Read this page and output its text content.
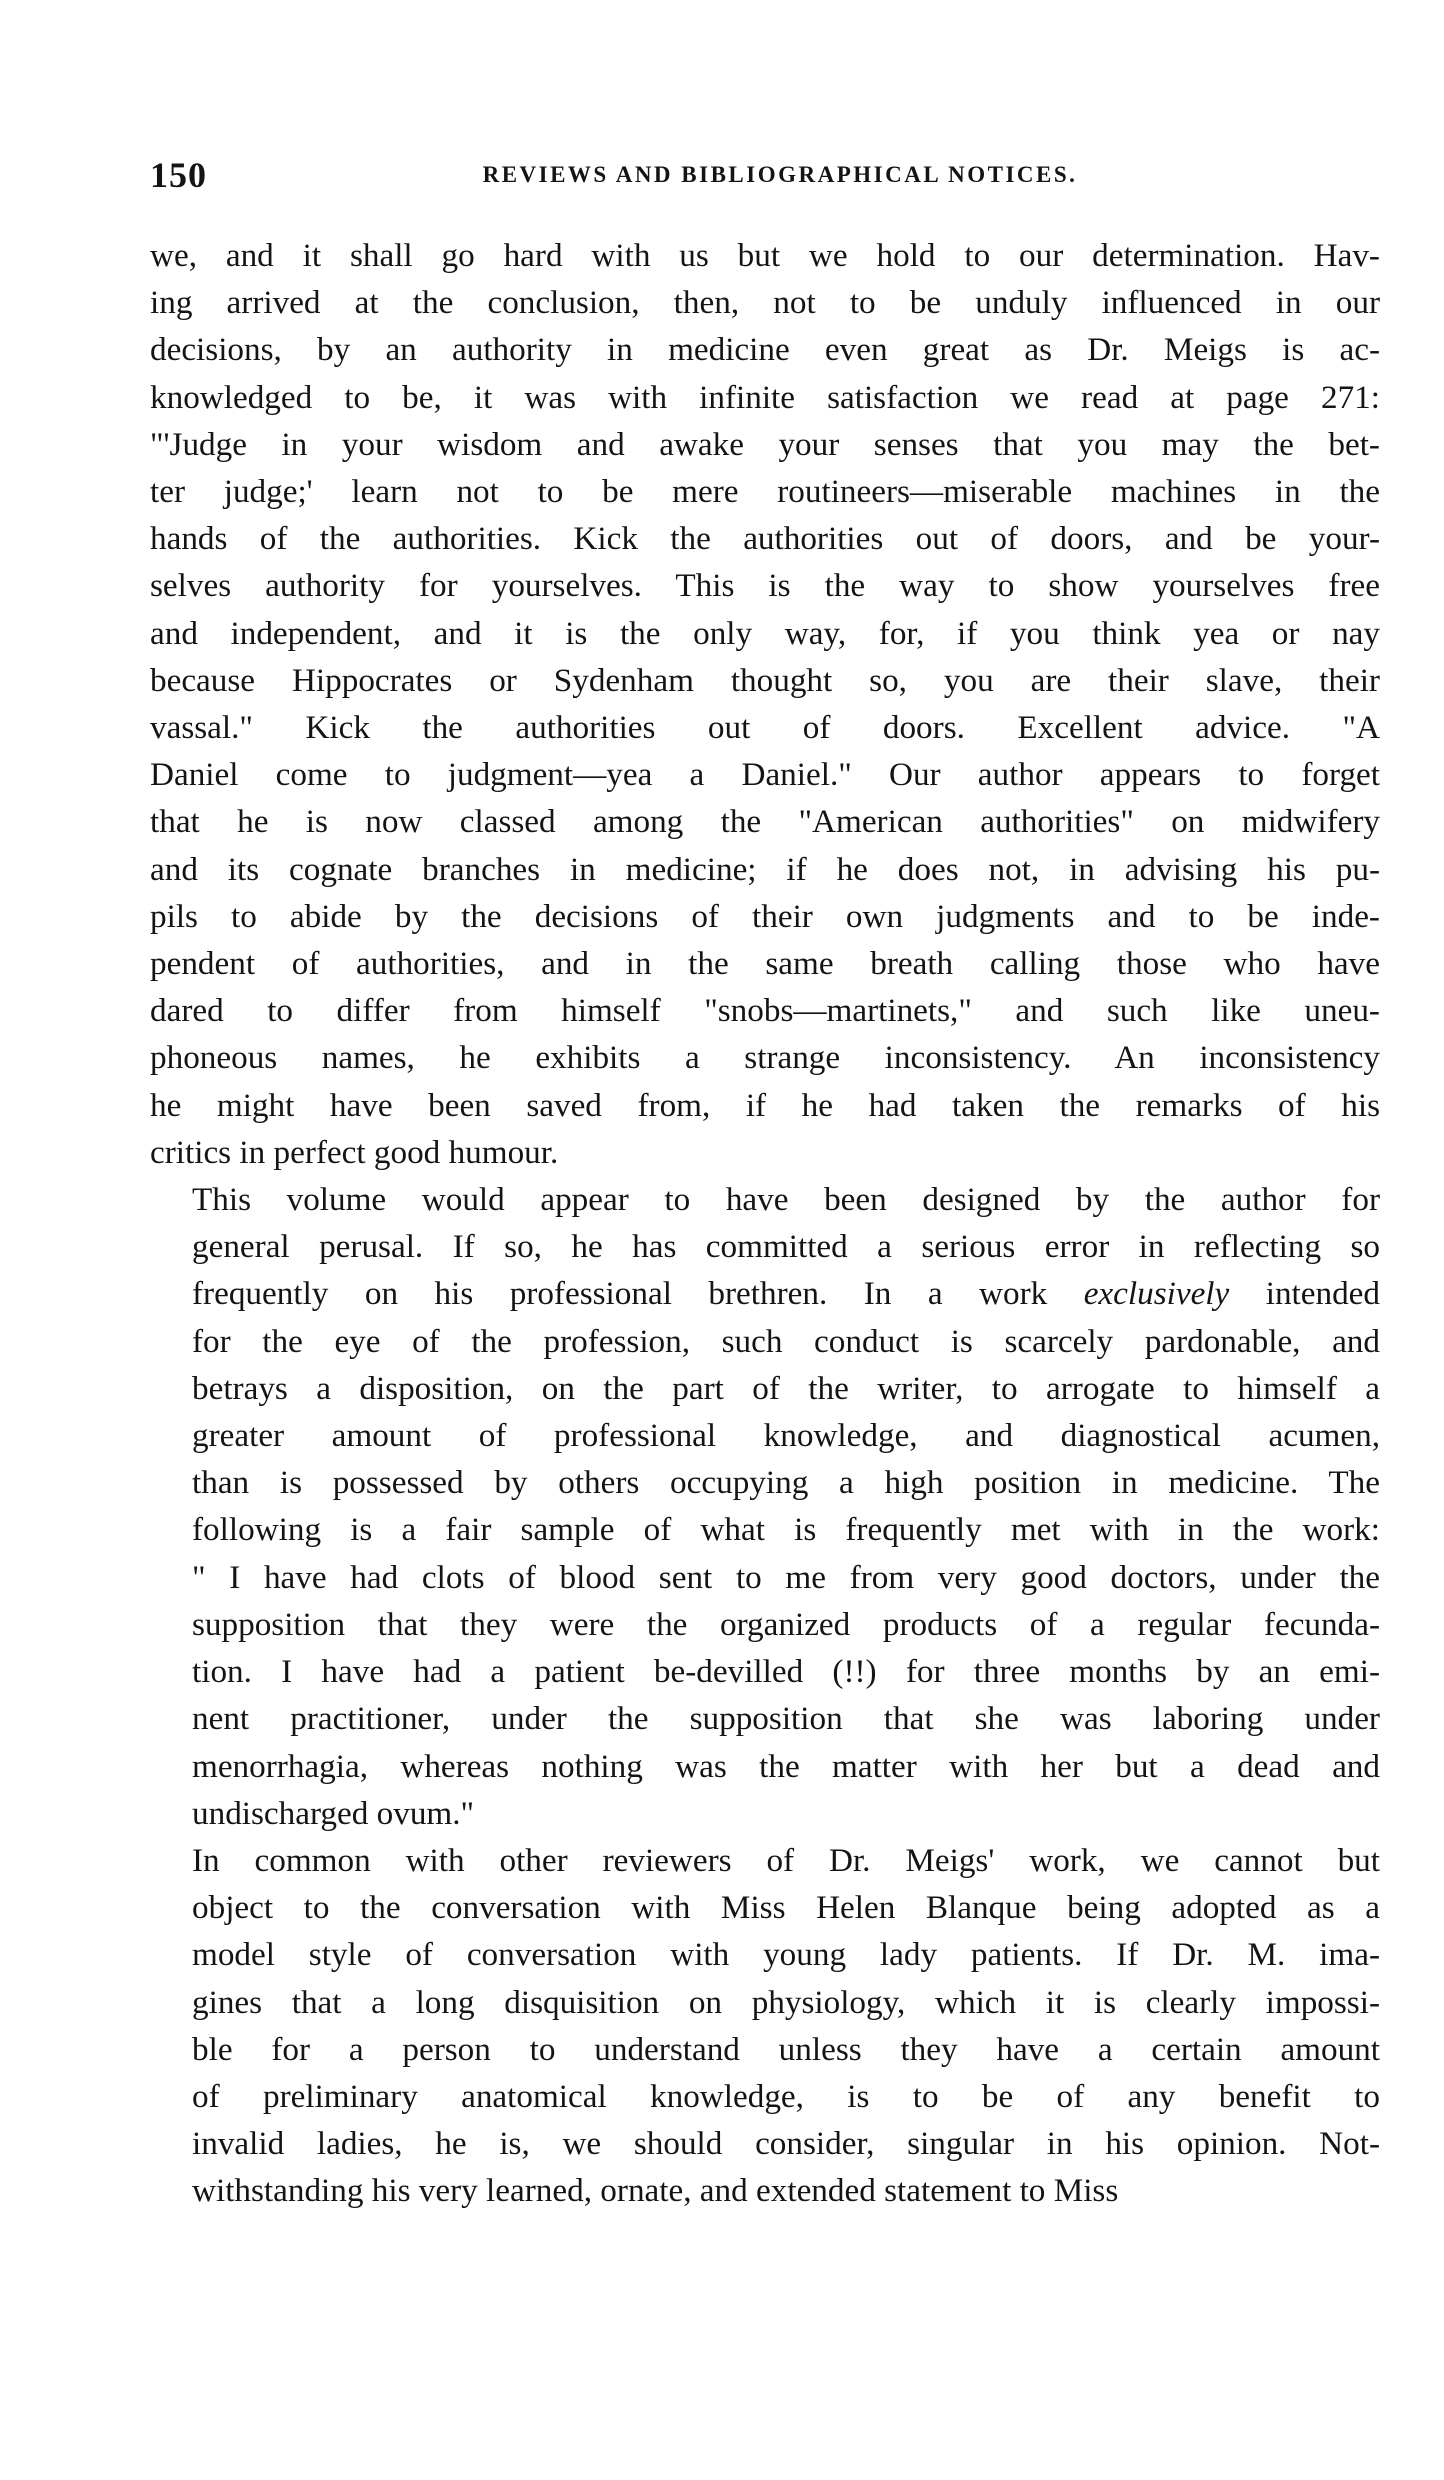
150	REVIEWS AND BIBLIOGRAPHICAL NOTICES.

we, and it shall go hard with us but we hold to our determination. Hav-
ing arrived at the conclusion, then, not to be unduly influenced in our
decisions, by an authority in medicine even great as Dr. Meigs is ac-
knowledged to be, it was with infinite satisfaction we read at page 271:
"'Judge in your wisdom and awake your senses that you may the bet-
ter judge;' learn not to be mere routineers—miserable machines in the
hands of the authorities. Kick the authorities out of doors, and be your-
selves authority for yourselves. This is the way to show yourselves free
and independent, and it is the only way, for, if you think yea or nay
because Hippocrates or Sydenham thought so, you are their slave, their
vassal." Kick the authorities out of doors. Excellent advice. "A
Daniel come to judgment—yea a Daniel." Our author appears to forget
that he is now classed among the "American authorities" on midwifery
and its cognate branches in medicine; if he does not, in advising his pu-
pils to abide by the decisions of their own judgments and to be inde-
pendent of authorities, and in the same breath calling those who have
dared to differ from himself "snobs—martinets," and such like uneu-
phoneous names, he exhibits a strange inconsistency. An inconsistency
he might have been saved from, if he had taken the remarks of his
critics in perfect good humour.

This volume would appear to have been designed by the author for
general perusal. If so, he has committed a serious error in reflecting so
frequently on his professional brethren. In a work exclusively intended
for the eye of the profession, such conduct is scarcely pardonable, and
betrays a disposition, on the part of the writer, to arrogate to himself a
greater amount of professional knowledge, and diagnostical acumen,
than is possessed by others occupying a high position in medicine. The
following is a fair sample of what is frequently met with in the work:
" I have had clots of blood sent to me from very good doctors, under the
supposition that they were the organized products of a regular fecunda-
tion. I have had a patient be-devilled (!!) for three months by an emi-
nent practitioner, under the supposition that she was laboring under
menorrhagia, whereas nothing was the matter with her but a dead and
undischarged ovum."

In common with other reviewers of Dr. Meigs' work, we cannot but
object to the conversation with Miss Helen Blanque being adopted as a
model style of conversation with young lady patients. If Dr. M. ima-
gines that a long disquisition on physiology, which it is clearly impossi-
ble for a person to understand unless they have a certain amount
of preliminary anatomical knowledge, is to be of any benefit to
invalid ladies, he is, we should consider, singular in his opinion. Not-
withstanding his very learned, ornate, and extended statement to Miss
